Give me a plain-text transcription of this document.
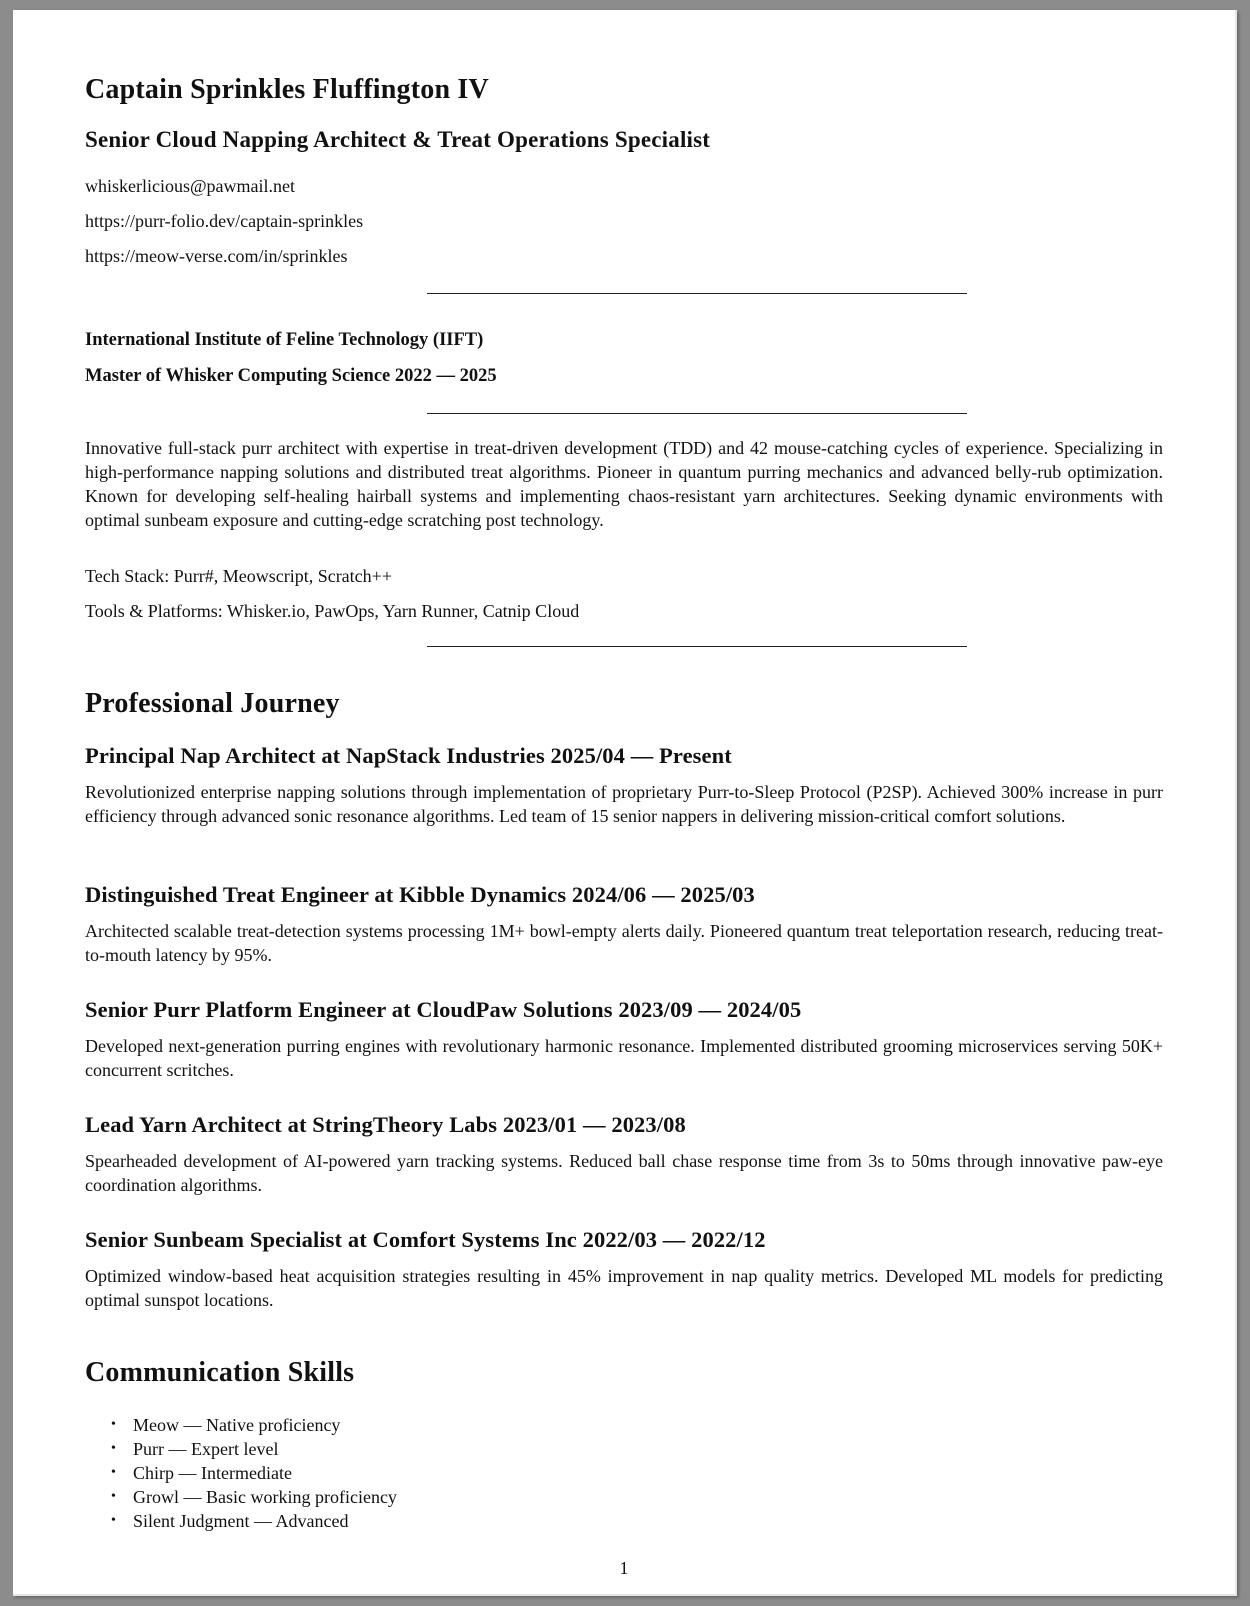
Captain Sprinkles Fluffington IV
Senior Cloud Napping Architect & Treat Operations Specialist

whiskerlicious@pawmail.net

https://purr-folio.dev/captain-sprinkles

https://meow-verse.com/in/sprinkles

International Institute of Feline Technology (IIFT)

Master of Whisker Computing Science 2022 — 2025

Innovative full-stack purr architect with expertise in treat-driven development (TDD) and 42 mouse-catching cycles of experience. Specializing in high-performance napping solutions and distributed treat algorithms. Pioneer in quantum purring mechanics and advanced belly-rub optimization. Known for developing self-healing hairball systems and implementing chaos-resistant yarn architectures. Seeking dynamic environments with optimal sunbeam exposure and cutting-edge scratching post technology.

Tech Stack: Purr#, Meowscript, Scratch++

Tools & Platforms: Whisker.io, PawOps, Yarn Runner, Catnip Cloud

Professional Journey
Principal Nap Architect at NapStack Industries 2025/04 — Present

Revolutionized enterprise napping solutions through implementation of proprietary Purr-to-Sleep Protocol (P2SP). Achieved 300% increase in purr efficiency through advanced sonic resonance algorithms. Led team of 15 senior nappers in delivering mission-critical comfort solutions.

Distinguished Treat Engineer at Kibble Dynamics 2024/06 — 2025/03

Architected scalable treat-detection systems processing 1M+ bowl-empty alerts daily. Pioneered quantum treat teleportation research, reducing treat-to-mouth latency by 95%.

Senior Purr Platform Engineer at CloudPaw Solutions 2023/09 — 2024/05

Developed next-generation purring engines with revolutionary harmonic resonance. Implemented distributed grooming microservices serving 50K+ concurrent scritches.

Lead Yarn Architect at StringTheory Labs 2023/01 — 2023/08

Spearheaded development of AI-powered yarn tracking systems. Reduced ball chase response time from 3s to 50ms through innovative paw-eye coordination algorithms.

Senior Sunbeam Specialist at Comfort Systems Inc 2022/03 — 2022/12

Optimized window-based heat acquisition strategies resulting in 45% improvement in nap quality metrics. Developed ML models for predicting optimal sunspot locations.

Communication Skills
• Meow — Native proficiency
• Purr — Expert level
• Chirp — Intermediate
• Growl — Basic working proficiency
• Silent Judgment — Advanced

1
